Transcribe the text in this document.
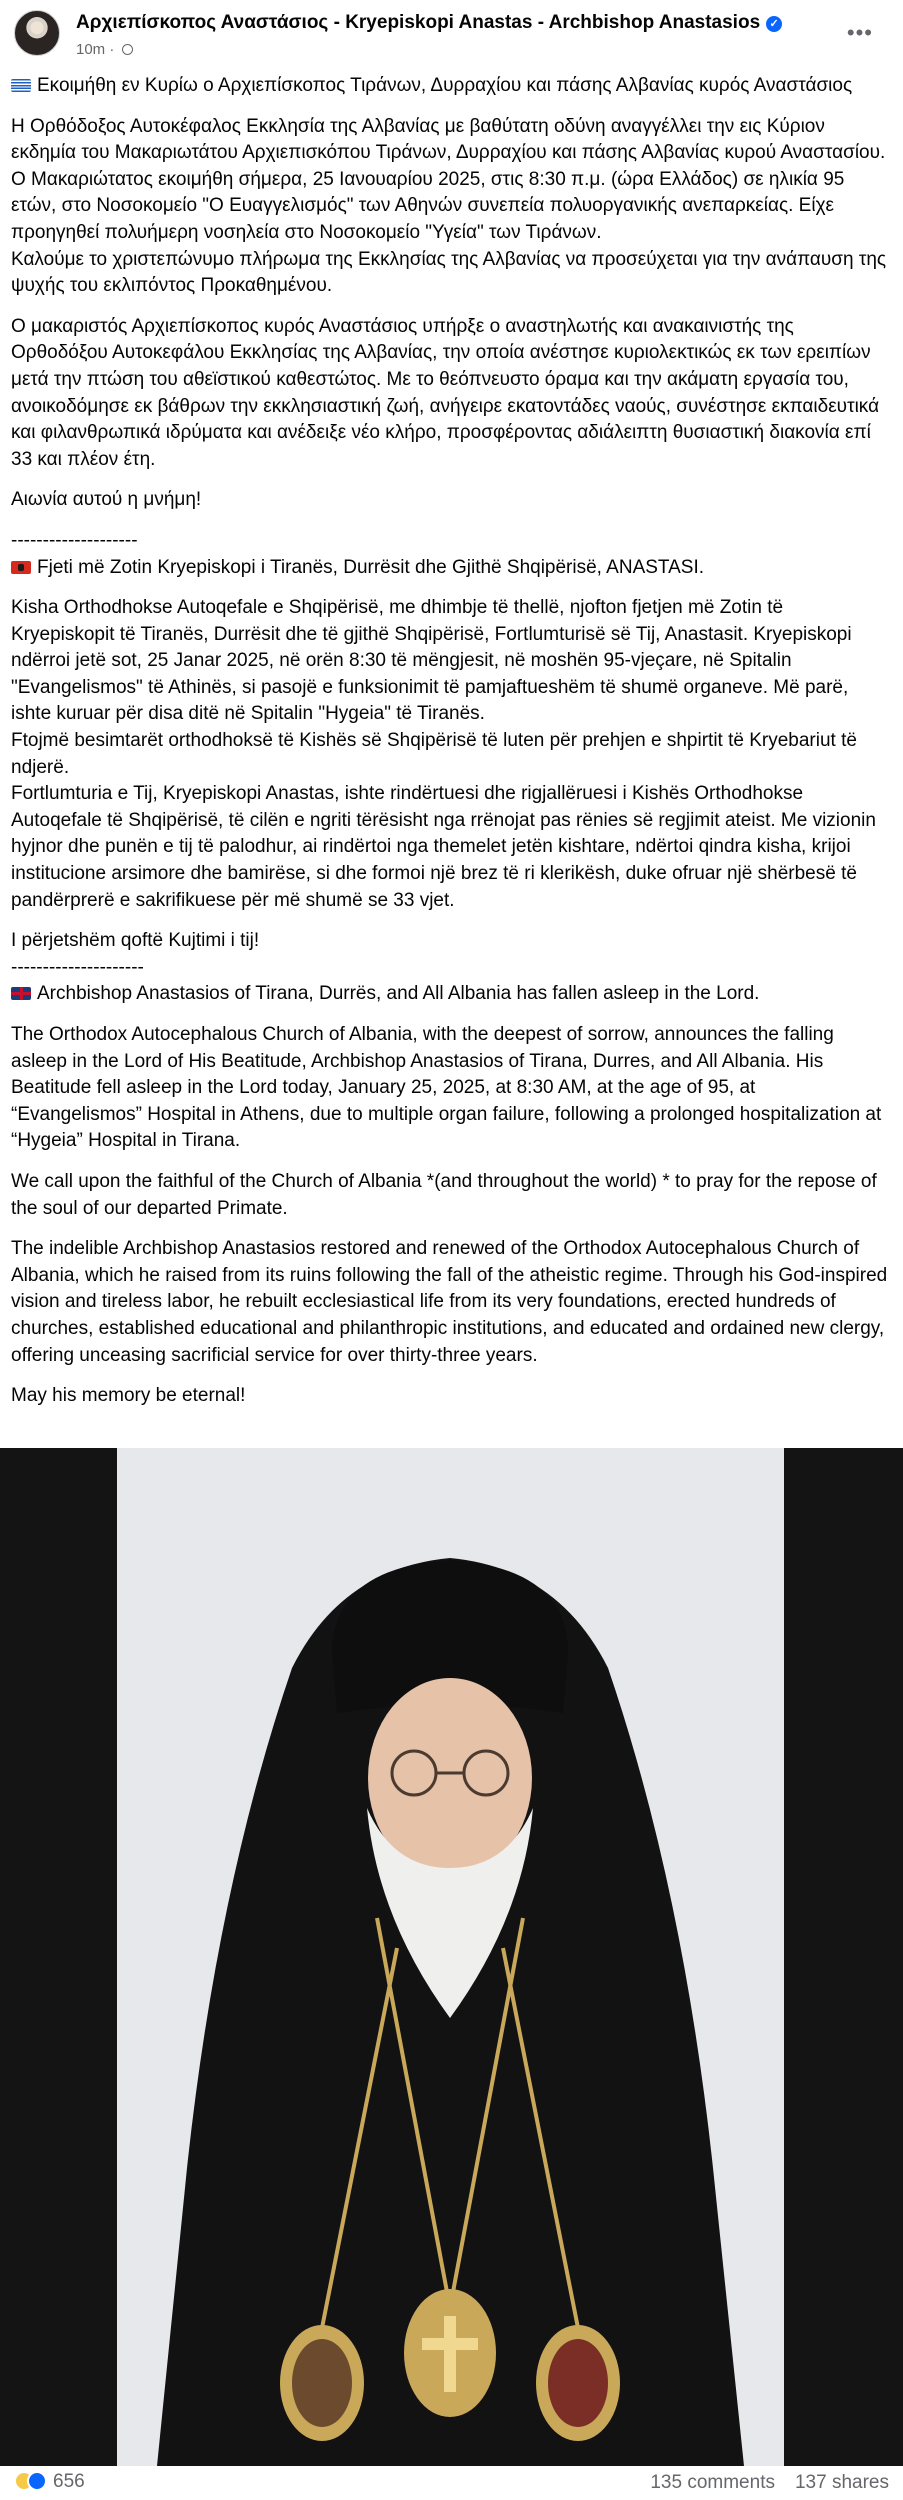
Αρχιεπίσκοπος Αναστάσιος - Kryepiskopi Anastas - Archbishop Anastasios ✓
10m ·
•••

Εκοιμήθη εν Κυρίω ο Αρχιεπίσκοπος Τιράνων, Δυρραχίου και πάσης Αλβανίας κυρός Αναστάσιος

Η Ορθόδοξος Αυτοκέφαλος Εκκλησία της Αλβανίας με βαθύτατη οδύνη αναγγέλλει την εις Κύριον εκδημία του Μακαριωτάτου Αρχιεπισκόπου Τιράνων, Δυρραχίου και πάσης Αλβανίας κυρού Αναστασίου. Ο Μακαριώτατος εκοιμήθη σήμερα, 25 Ιανουαρίου 2025, στις 8:30 π.μ. (ώρα Ελλάδος) σε ηλικία 95 ετών, στο Νοσοκομείο "Ο Ευαγγελισμός" των Αθηνών συνεπεία πολυοργανικής ανεπαρκείας. Είχε προηγηθεί πολυήμερη νοσηλεία στο Νοσοκομείο "Υγεία" των Τιράνων.

Καλούμε το χριστεπώνυμο πλήρωμα της Εκκλησίας της Αλβανίας να προσεύχεται για την ανάπαυση της ψυχής του εκλιπόντος Προκαθημένου.

Ο μακαριστός Αρχιεπίσκοπος κυρός Αναστάσιος υπήρξε ο αναστηλωτής και ανακαινιστής της Ορθοδόξου Αυτοκεφάλου Εκκλησίας της Αλβανίας, την οποία ανέστησε κυριολεκτικώς εκ των ερειπίων μετά την πτώση του αθεϊστικού καθεστώτος. Με το θεόπνευστο όραμα και την ακάματη εργασία του, ανοικοδόμησε εκ βάθρων την εκκλησιαστική ζωή, ανήγειρε εκατοντάδες ναούς, συνέστησε εκπαιδευτικά και φιλανθρωπικά ιδρύματα και ανέδειξε νέο κλήρο, προσφέροντας αδιάλειπτη θυσιαστική διακονία επί 33 και πλέον έτη.

Αιωνία αυτού η μνήμη!

--------------------

Fjeti më Zotin Kryepiskopi i Tiranës, Durrësit dhe Gjithë Shqipërisë, ANASTASI.

Kisha Orthodhokse Autoqefale e Shqipërisë, me dhimbje të thellë, njofton fjetjen më Zotin të Kryepiskopit të Tiranës, Durrësit dhe të gjithë Shqipërisë, Fortlumturisë së Tij, Anastasit. Kryepiskopi ndërroi jetë sot, 25 Janar 2025, në orën 8:30 të mëngjesit, në moshën 95-vjeçare, në Spitalin "Evangelismos" të Athinës, si pasojë e funksionimit të pamjaftueshëm të shumë organeve. Më parë, ishte kuruar për disa ditë në Spitalin "Hygeia" të Tiranës.

Ftojmë besimtarët orthodhoksë të Kishës së Shqipërisë të luten për prehjen e shpirtit të Kryebariut të ndjerë.

Fortlumturia e Tij, Kryepiskopi Anastas, ishte rindërtuesi dhe rigjallëruesi i Kishës Orthodhokse Autoqefale të Shqipërisë, të cilën e ngriti tërësisht nga rrënojat pas rënies së regjimit ateist. Me vizionin hyjnor dhe punën e tij të palodhur, ai rindërtoi nga themelet jetën kishtare, ndërtoi qindra kisha, krijoi institucione arsimore dhe bamirëse, si dhe formoi një brez të ri klerikësh, duke ofruar një shërbesë të pandërprerë e sakrifikuese për më shumë se 33 vjet.

I përjetshëm qoftë Kujtimi i tij!

---------------------

Archbishop Anastasios of Tirana, Durrës, and All Albania has fallen asleep in the Lord.

The Orthodox Autocephalous Church of Albania, with the deepest of sorrow, announces the falling asleep in the Lord of His Beatitude, Archbishop Anastasios of Tirana, Durres, and All Albania. His Beatitude fell asleep in the Lord today, January 25, 2025, at 8:30 AM, at the age of 95, at “Evangelismos” Hospital in Athens, due to multiple organ failure, following a prolonged hospitalization at “Hygeia” Hospital in Tirana.

We call upon the faithful of the Church of Albania *(and throughout the world) * to pray for the repose of the soul of our departed Primate.

The indelible Archbishop Anastasios restored and renewed of the Orthodox Autocephalous Church of Albania, which he raised from its ruins following the fall of the atheistic regime. Through his God-inspired vision and tireless labor, he rebuilt ecclesiastical life from its very foundations, erected hundreds of churches, established educational and philanthropic institutions, and educated and ordained new clergy, offering unceasing sacrificial service for over thirty-three years.

May his memory be eternal!

656	135 comments 137 shares
